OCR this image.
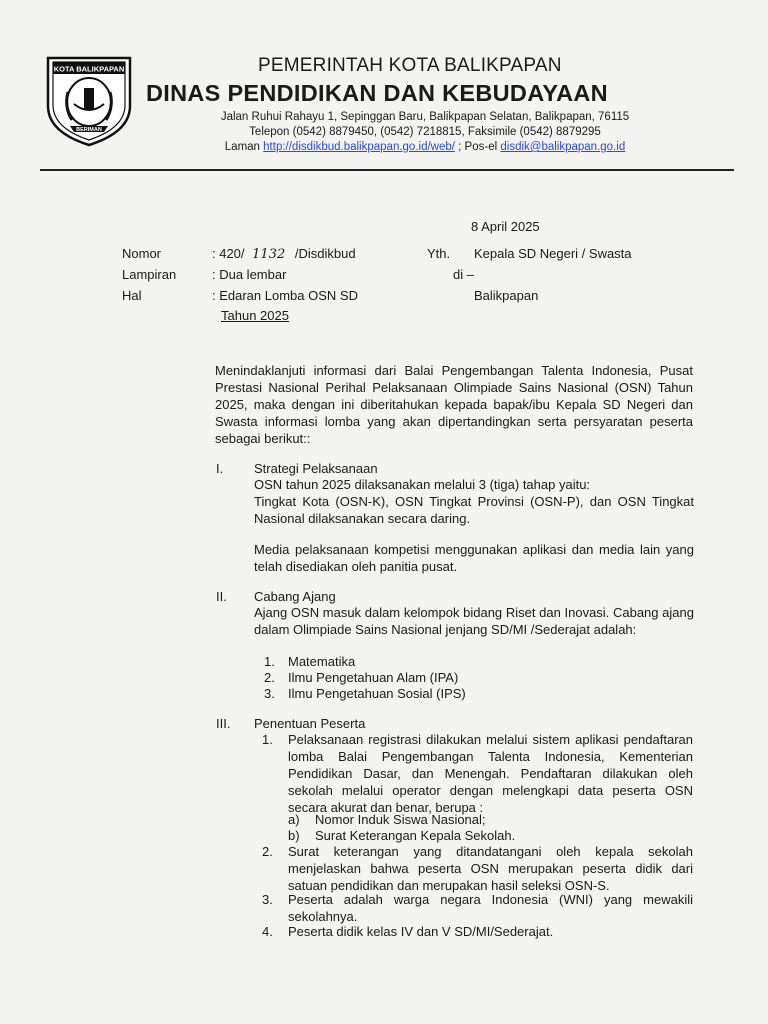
KOTA BALIKPAPAN
BERIMAN
PEMERINTAH KOTA BALIKPAPAN
DINAS PENDIDIKAN DAN KEBUDAYAAN
Jalan Ruhui Rahayu 1, Sepinggan Baru, Balikpapan Selatan, Balikpapan, 76115
Telepon (0542) 8879450, (0542) 7218815, Faksimile (0542) 8879295
Laman http://disdikbud.balikpapan.go.id/web/ ; Pos-el disdik@balikpapan.go.id
8 April 2025
Nomor	: 420/ 1132 /Disdikbud
Lampiran	: Dua lembar
Hal	: Edaran Lomba OSN SD
Tahun 2025
Yth. Kepala SD Negeri / Swasta
di –
Balikpapan
Menindaklanjuti informasi dari Balai Pengembangan Talenta Indonesia, Pusat Prestasi Nasional Perihal Pelaksanaan Olimpiade Sains Nasional (OSN) Tahun 2025, maka dengan ini diberitahukan kepada bapak/ibu Kepala SD Negeri dan Swasta informasi lomba yang akan dipertandingkan serta persyaratan peserta sebagai berikut::
I. Strategi Pelaksanaan
OSN tahun 2025 dilaksanakan melalui 3 (tiga) tahap yaitu:
Tingkat Kota (OSN-K), OSN Tingkat Provinsi (OSN-P), dan OSN Tingkat Nasional dilaksanakan secara daring.
Media pelaksanaan kompetisi menggunakan aplikasi dan media lain yang telah disediakan oleh panitia pusat.
II. Cabang Ajang
Ajang OSN masuk dalam kelompok bidang Riset dan Inovasi. Cabang ajang dalam Olimpiade Sains Nasional jenjang SD/MI /Sederajat adalah:
1. Matematika
2. Ilmu Pengetahuan Alam (IPA)
3. Ilmu Pengetahuan Sosial (IPS)
III. Penentuan Peserta
1. Pelaksanaan registrasi dilakukan melalui sistem aplikasi pendaftaran lomba Balai Pengembangan Talenta Indonesia, Kementerian Pendidikan Dasar, dan Menengah. Pendaftaran dilakukan oleh sekolah melalui operator dengan melengkapi data peserta OSN secara akurat dan benar, berupa :
a) Nomor Induk Siswa Nasional;
b) Surat Keterangan Kepala Sekolah.
2. Surat keterangan yang ditandatangani oleh kepala sekolah menjelaskan bahwa peserta OSN merupakan peserta didik dari satuan pendidikan dan merupakan hasil seleksi OSN-S.
3. Peserta adalah warga negara Indonesia (WNI) yang mewakili sekolahnya.
4. Peserta didik kelas IV dan V SD/MI/Sederajat.
